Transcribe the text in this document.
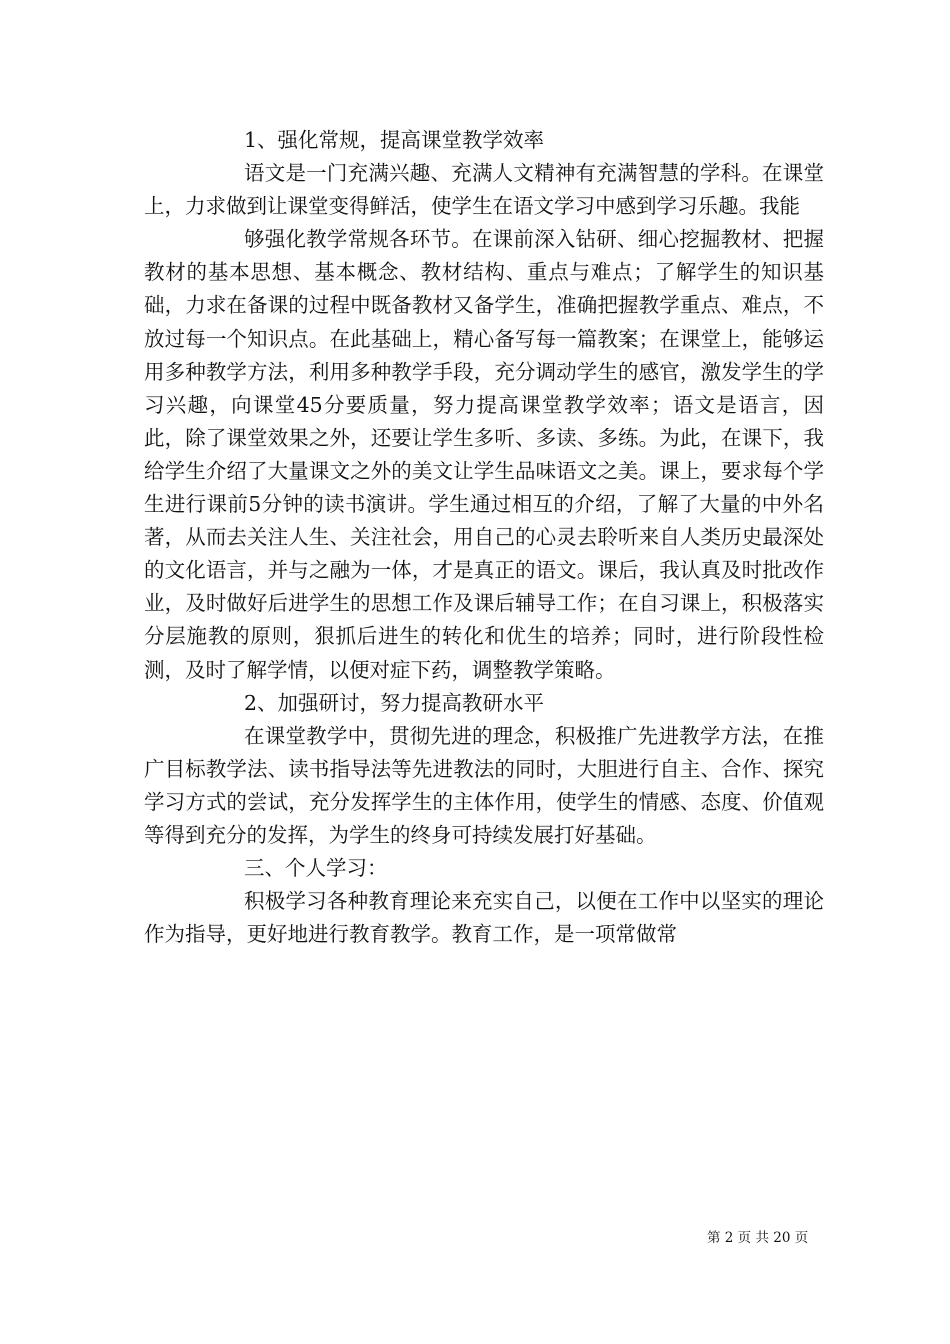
1、强化常规，提高课堂教学效率

语文是一门充满兴趣、充满人文精神有充满智慧的学科。在课堂上，力求做到让课堂变得鲜活，使学生在语文学习中感到学习乐趣。我能

够强化教学常规各环节。在课前深入钻研、细心挖掘教材、把握教材的基本思想、基本概念、教材结构、重点与难点；了解学生的知识基础，力求在备课的过程中既备教材又备学生，准确把握教学重点、难点，不放过每一个知识点。在此基础上，精心备写每一篇教案；在课堂上，能够运用多种教学方法，利用多种教学手段，充分调动学生的感官，激发学生的学习兴趣，向课堂45分要质量，努力提高课堂教学效率；语文是语言，因此，除了课堂效果之外，还要让学生多听、多读、多练。为此，在课下，我给学生介绍了大量课文之外的美文让学生品味语文之美。课上，要求每个学生进行课前5分钟的读书演讲。学生通过相互的介绍，了解了大量的中外名著，从而去关注人生、关注社会，用自己的心灵去聆听来自人类历史最深处的文化语言，并与之融为一体，才是真正的语文。课后，我认真及时批改作业，及时做好后进学生的思想工作及课后辅导工作；在自习课上，积极落实分层施教的原则，狠抓后进生的转化和优生的培养；同时，进行阶段性检测，及时了解学情，以便对症下药，调整教学策略。

2、加强研讨，努力提高教研水平

在课堂教学中，贯彻先进的理念，积极推广先进教学方法，在推广目标教学法、读书指导法等先进教法的同时，大胆进行自主、合作、探究学习方式的尝试，充分发挥学生的主体作用，使学生的情感、态度、价值观等得到充分的发挥，为学生的终身可持续发展打好基础。

三、个人学习：

积极学习各种教育理论来充实自己，以便在工作中以坚实的理论作为指导，更好地进行教育教学。教育工作，是一项常做常

第 2 页 共 20 页
